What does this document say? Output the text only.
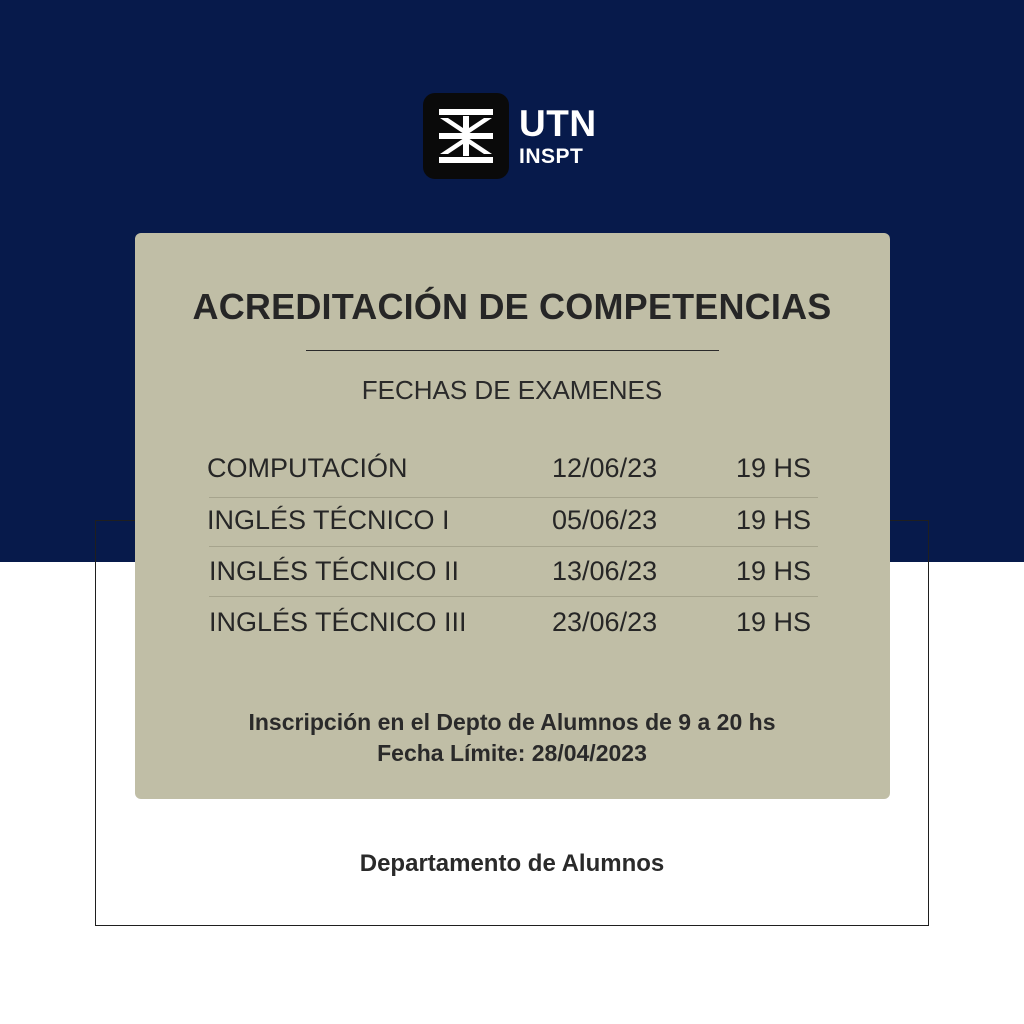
UTN
INSPT
ACREDITACIÓN DE COMPETENCIAS
FECHAS DE EXAMENES
COMPUTACIÓN	12/06/23	19 HS
INGLÉS TÉCNICO I	05/06/23	19 HS
INGLÉS TÉCNICO II	13/06/23	19 HS
INGLÉS TÉCNICO III	23/06/23	19 HS
Inscripción en el Depto de Alumnos de 9 a 20 hs
Fecha Límite: 28/04/2023
Departamento de Alumnos
